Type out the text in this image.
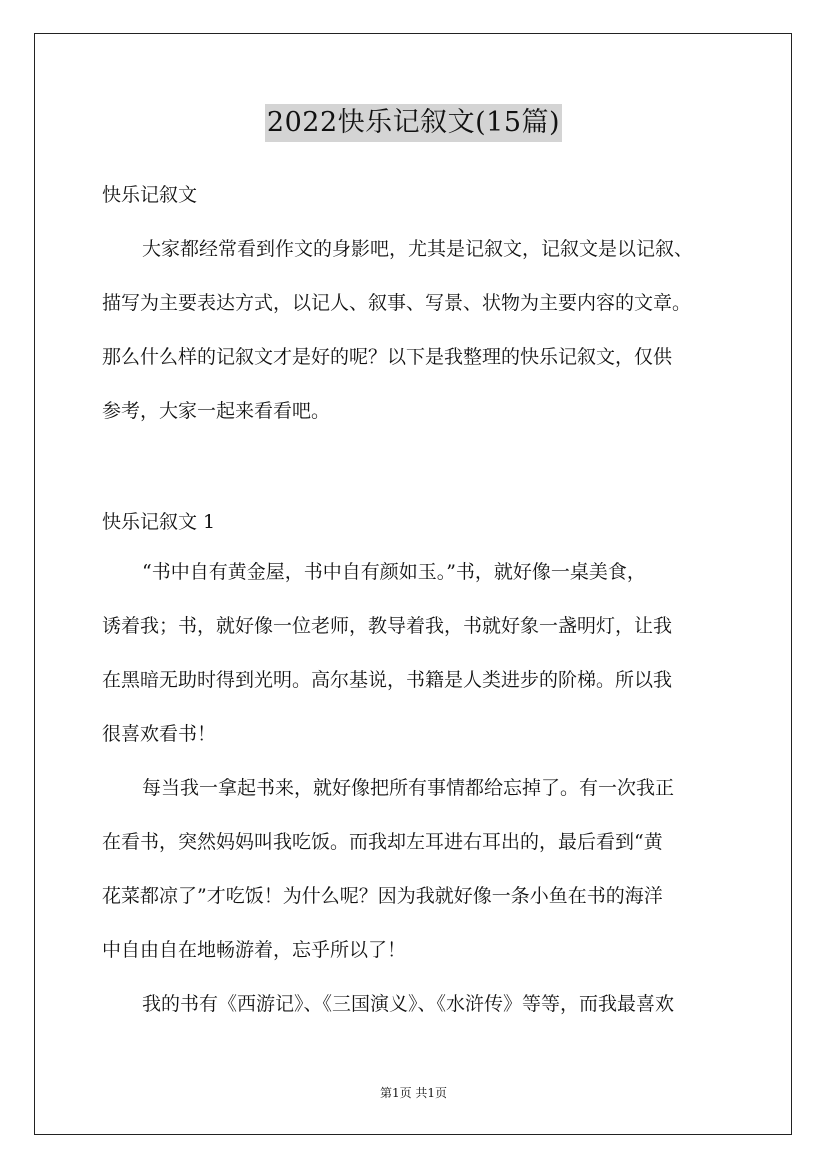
2022快乐记叙文(15篇)
快乐记叙文
大家都经常看到作文的身影吧，尤其是记叙文，记叙文是以记叙、
描写为主要表达方式，以记人、叙事、写景、状物为主要内容的文章。
那么什么样的记叙文才是好的呢？以下是我整理的快乐记叙文，仅供
参考，大家一起来看看吧。
快乐记叙文 1
“书中自有黄金屋，书中自有颜如玉。”书，就好像一桌美食，
诱着我；书，就好像一位老师，教导着我，书就好象一盏明灯，让我
在黑暗无助时得到光明。高尔基说，书籍是人类进步的阶梯。所以我
很喜欢看书！
每当我一拿起书来，就好像把所有事情都给忘掉了。有一次我正
在看书，突然妈妈叫我吃饭。而我却左耳进右耳出的，最后看到“黄
花菜都凉了”才吃饭！为什么呢？因为我就好像一条小鱼在书的海洋
中自由自在地畅游着，忘乎所以了！
我的书有《西游记》、《三国演义》、《水浒传》等等，而我最喜欢
第1页 共1页
